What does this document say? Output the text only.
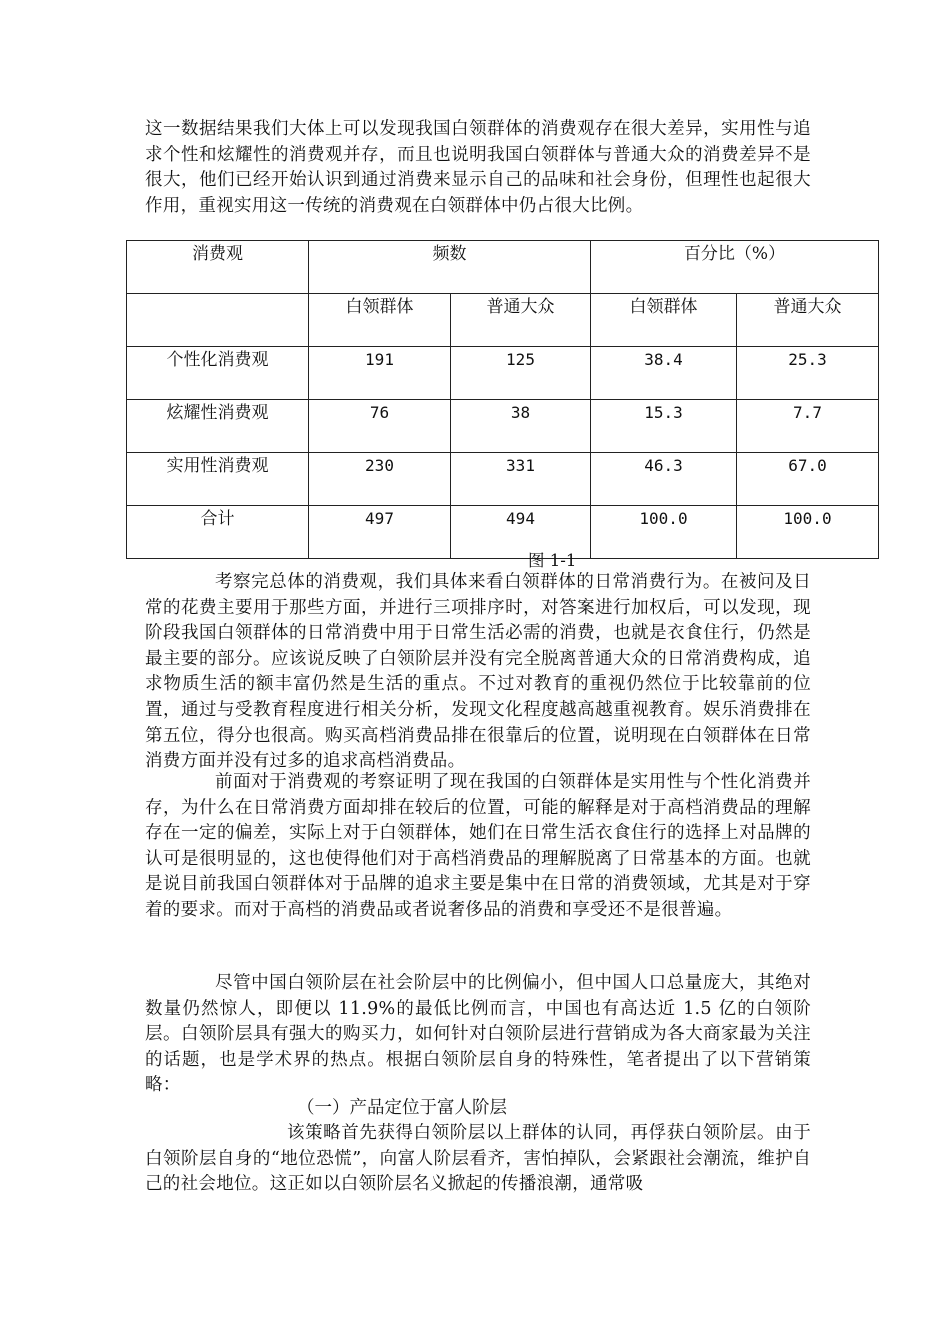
这一数据结果我们大体上可以发现我国白领群体的消费观存在很大差异，实用性与追求个性和炫耀性的消费观并存，而且也说明我国白领群体与普通大众的消费差异不是很大，他们已经开始认识到通过消费来显示自己的品味和社会身份，但理性也起很大作用，重视实用这一传统的消费观在白领群体中仍占很大比例。

消费观	频数		百分比（%）	
	白领群体	普通大众	白领群体	普通大众
个性化消费观	191	125	38.4	25.3
炫耀性消费观	76	38	15.3	7.7
实用性消费观	230	331	46.3	67.0
合计	497	494	100.0	100.0
图 1-1

考察完总体的消费观，我们具体来看白领群体的日常消费行为。在被问及日常的花费主要用于那些方面，并进行三项排序时，对答案进行加权后，可以发现，现阶段我国白领群体的日常消费中用于日常生活必需的消费，也就是衣食住行，仍然是最主要的部分。应该说反映了白领阶层并没有完全脱离普通大众的日常消费构成，追求物质生活的额丰富仍然是生活的重点。不过对教育的重视仍然位于比较靠前的位置，通过与受教育程度进行相关分析，发现文化程度越高越重视教育。娱乐消费排在第五位，得分也很高。购买高档消费品排在很靠后的位置，说明现在白领群体在日常消费方面并没有过多的追求高档消费品。

前面对于消费观的考察证明了现在我国的白领群体是实用性与个性化消费并存，为什么在日常消费方面却排在较后的位置，可能的解释是对于高档消费品的理解存在一定的偏差，实际上对于白领群体，她们在日常生活衣食住行的选择上对品牌的认可是很明显的，这也使得他们对于高档消费品的理解脱离了日常基本的方面。也就是说目前我国白领群体对于品牌的追求主要是集中在日常的消费领域，尤其是对于穿着的要求。而对于高档的消费品或者说奢侈品的消费和享受还不是很普遍。

尽管中国白领阶层在社会阶层中的比例偏小，但中国人口总量庞大，其绝对数量仍然惊人，即便以 11.9%的最低比例而言，中国也有高达近 1.5 亿的白领阶层。白领阶层具有强大的购买力，如何针对白领阶层进行营销成为各大商家最为关注的话题，也是学术界的热点。根据白领阶层自身的特殊性，笔者提出了以下营销策略：

（一）产品定位于富人阶层

该策略首先获得白领阶层以上群体的认同，再俘获白领阶层。由于白领阶层自身的“地位恐慌”，向富人阶层看齐，害怕掉队，会紧跟社会潮流，维护自己的社会地位。这正如以白领阶层名义掀起的传播浪潮，通常吸
